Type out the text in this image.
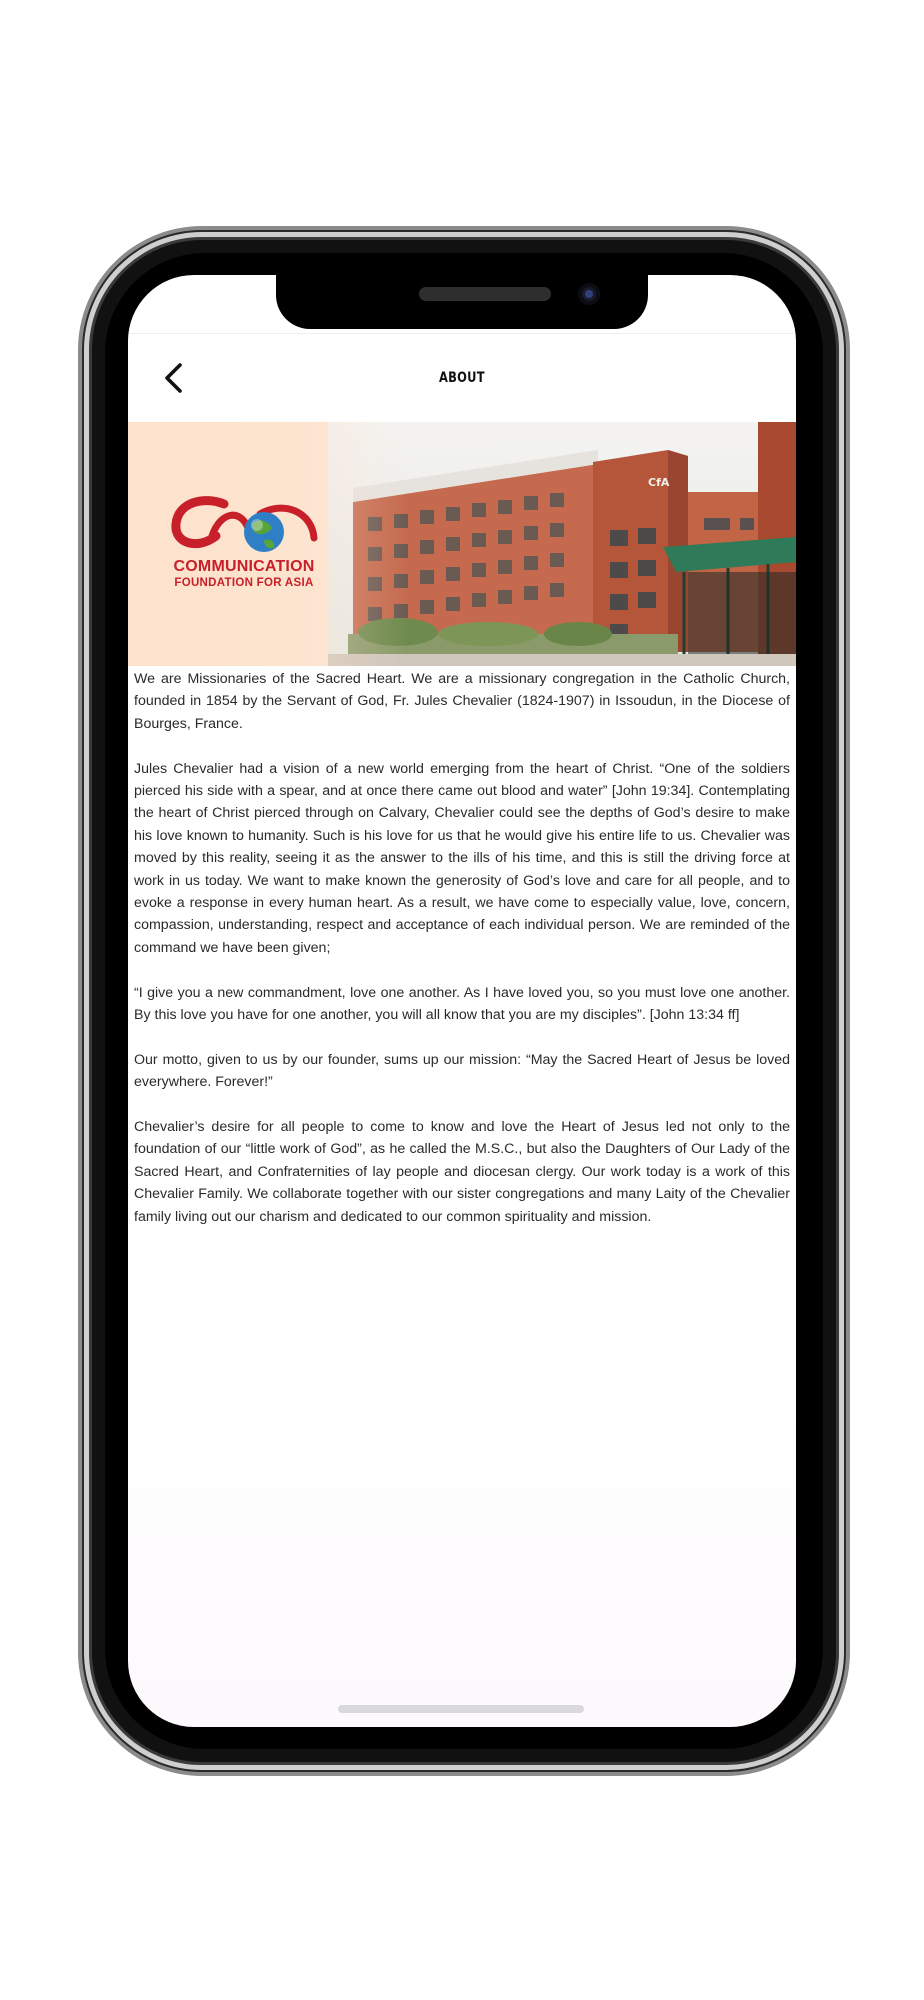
ABOUT
COMMUNICATION
FOUNDATION FOR ASIA

We are Missionaries of the Sacred Heart. We are a missionary congregation in the Catholic Church, founded in 1854 by the Servant of God, Fr. Jules Chevalier (1824-1907) in Issoudun, in the Diocese of Bourges, France.

Jules Chevalier had a vision of a new world emerging from the heart of Christ. “One of the soldiers pierced his side with a spear, and at once there came out blood and water” [John 19:34]. Contemplating the heart of Christ pierced through on Calvary, Chevalier could see the depths of God’s desire to make his love known to humanity. Such is his love for us that he would give his entire life to us. Chevalier was moved by this reality, seeing it as the answer to the ills of his time, and this is still the driving force at work in us today. We want to make known the generosity of God’s love and care for all people, and to evoke a response in every human heart. As a result, we have come to especially value, love, concern, compassion, understanding, respect and acceptance of each individual person. We are reminded of the command we have been given;

“I give you a new commandment, love one another. As I have loved you, so you must love one another. By this love you have for one another, you will all know that you are my disciples”. [John 13:34 ff]

Our motto, given to us by our founder, sums up our mission: “May the Sacred Heart of Jesus be loved everywhere. Forever!”

Chevalier’s desire for all people to come to know and love the Heart of Jesus led not only to the foundation of our “little work of God”, as he called the M.S.C., but also the Daughters of Our Lady of the Sacred Heart, and Confraternities of lay people and diocesan clergy. Our work today is a work of this Chevalier Family. We collaborate together with our sister congregations and many Laity of the Chevalier family living out our charism and dedicated to our common spirituality and mission.
